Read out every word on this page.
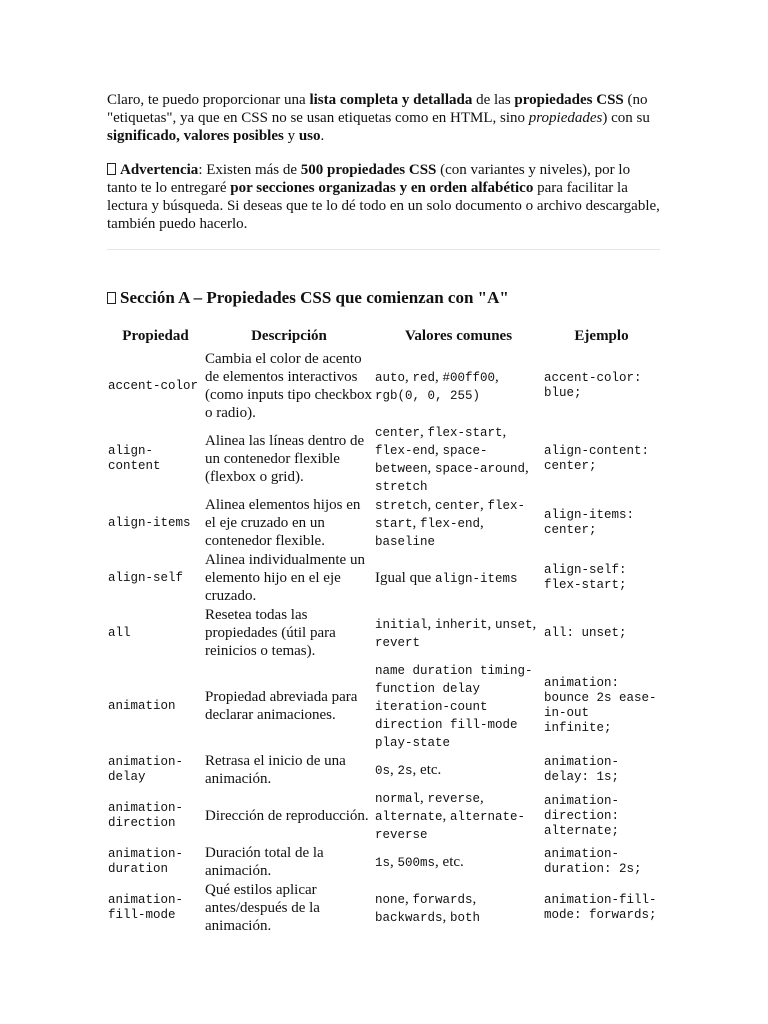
Claro, te puedo proporcionar una lista completa y detallada de las propiedades CSS (no "etiquetas", ya que en CSS no se usan etiquetas como en HTML, sino propiedades) con su significado, valores posibles y uso.

Advertencia: Existen más de 500 propiedades CSS (con variantes y niveles), por lo tanto te lo entregaré por secciones organizadas y en orden alfabético para facilitar la lectura y búsqueda. Si deseas que te lo dé todo en un solo documento o archivo descargable, también puedo hacerlo.

Sección A – Propiedades CSS que comienzan con "A"
Propiedad	Descripción	Valores comunes	Ejemplo
accent-color	Cambia el color de acento de elementos interactivos (como inputs tipo checkbox o radio).	auto, red, #00ff00, rgb(0, 0, 255)	accent-color: blue;
align-content	Alinea las líneas dentro de un contenedor flexible (flexbox o grid).	center, flex-start, flex-end, space-between, space-around, stretch	align-content: center;
align-items	Alinea elementos hijos en el eje cruzado en un contenedor flexible.	stretch, center, flex-start, flex-end, baseline	align-items: center;
align-self	Alinea individualmente un elemento hijo en el eje cruzado.	Igual que align-items	align-self: flex-start;
all	Resetea todas las propiedades (útil para reinicios o temas).	initial, inherit, unset, revert	all: unset;
animation	Propiedad abreviada para declarar animaciones.	name duration timing-function delay iteration-count direction fill-mode play-state	animation: bounce 2s ease-in-out infinite;
animation-delay	Retrasa el inicio de una animación.	0s, 2s, etc.	animation-delay: 1s;
animation-direction	Dirección de reproducción.	normal, reverse, alternate, alternate-reverse	animation-direction: alternate;
animation-duration	Duración total de la animación.	1s, 500ms, etc.	animation-duration: 2s;
animation-fill-mode	Qué estilos aplicar antes/después de la animación.	none, forwards, backwards, both	animation-fill-mode: forwards;
